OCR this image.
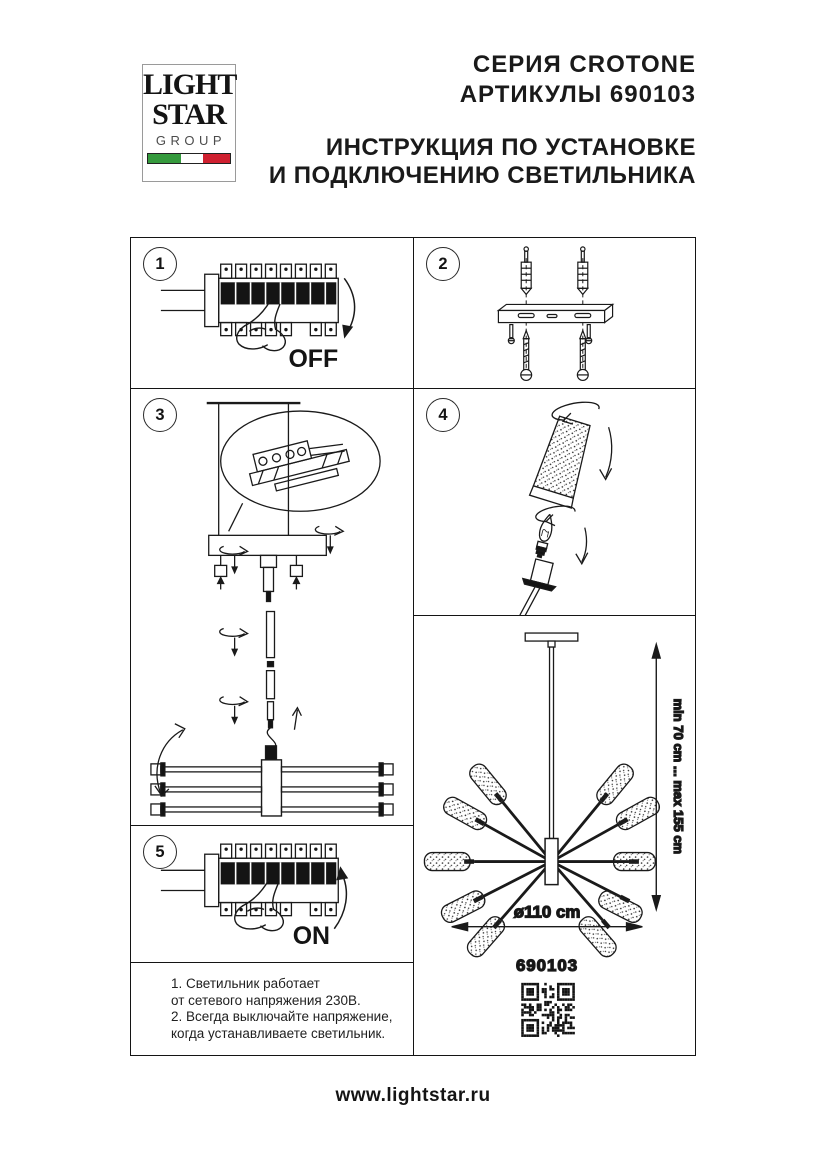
LIGHT
STAR
GROUP
СЕРИЯ CROTONE
АРТИКУЛЫ 690103
ИНСТРУКЦИЯ ПО УСТАНОВКЕ
И ПОДКЛЮЧЕНИЮ СВЕТИЛЬНИКА
1
OFF
3
5
ON
1. Светильник работает
от сетевого напряжения 230В.
2. Всегда выключайте напряжение,
когда устанавливаете светильник.
2
4
min 70 cm ... max 155 cm
ø110 cm
690103
www.lightstar.ru
